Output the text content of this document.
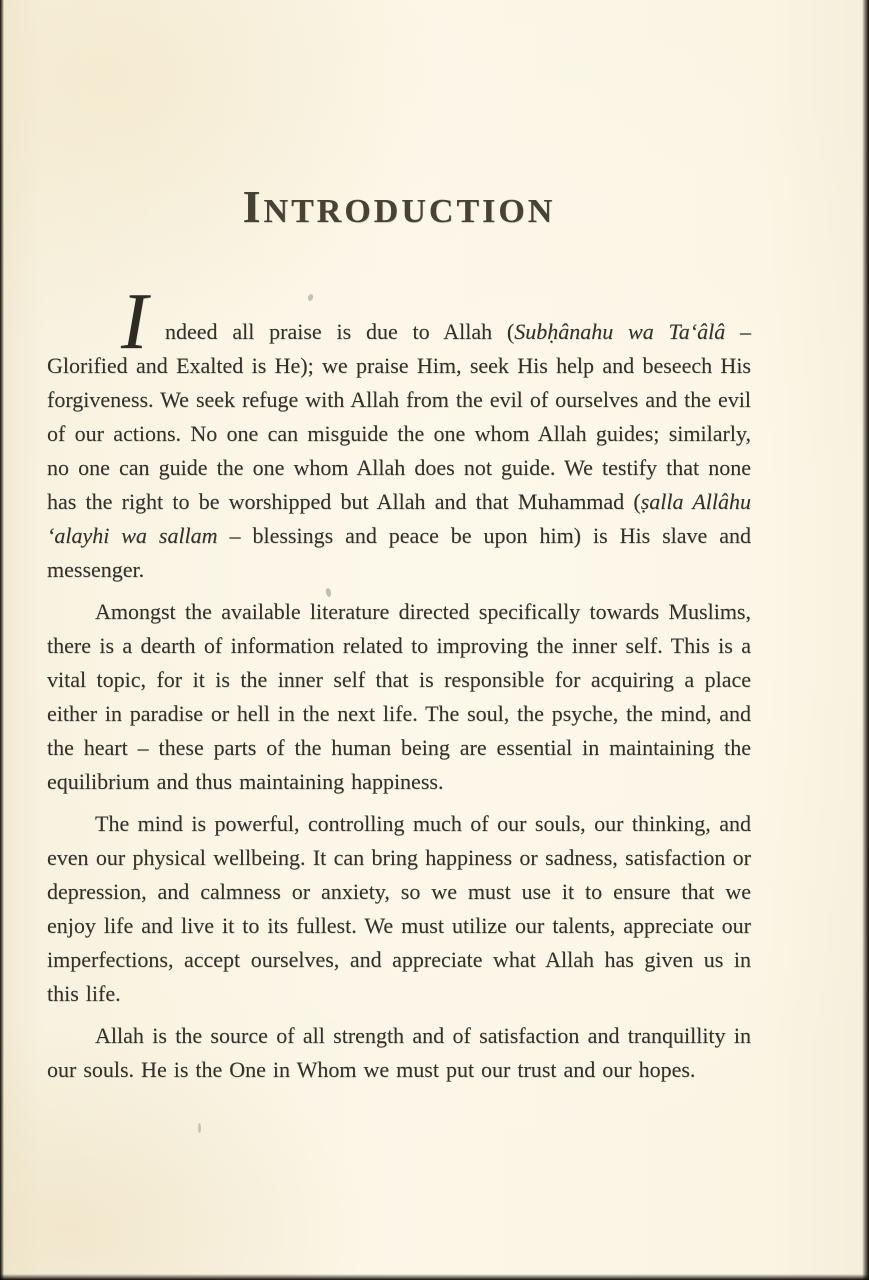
INTRODUCTION

I ndeed all praise is due to Allah (Subḥânahu wa Ta‘âlâ – Glorified and Exalted is He); we praise Him, seek His help and beseech His forgiveness. We seek refuge with Allah from the evil of ourselves and the evil of our actions. No one can misguide the one whom Allah guides; similarly, no one can guide the one whom Allah does not guide. We testify that none has the right to be worshipped but Allah and that Muhammad (ṣalla Allâhu ‘alayhi wa sallam – blessings and peace be upon him) is His slave and messenger.

Amongst the available literature directed specifically towards Muslims, there is a dearth of information related to improving the inner self. This is a vital topic, for it is the inner self that is responsible for acquiring a place either in paradise or hell in the next life. The soul, the psyche, the mind, and the heart – these parts of the human being are essential in maintaining the equilibrium and thus maintaining happiness.

The mind is powerful, controlling much of our souls, our thinking, and even our physical wellbeing. It can bring happiness or sadness, satisfaction or depression, and calmness or anxiety, so we must use it to ensure that we enjoy life and live it to its fullest. We must utilize our talents, appreciate our imperfections, accept ourselves, and appreciate what Allah has given us in this life.

Allah is the source of all strength and of satisfaction and tranquillity in our souls. He is the One in Whom we must put our trust and our hopes.
